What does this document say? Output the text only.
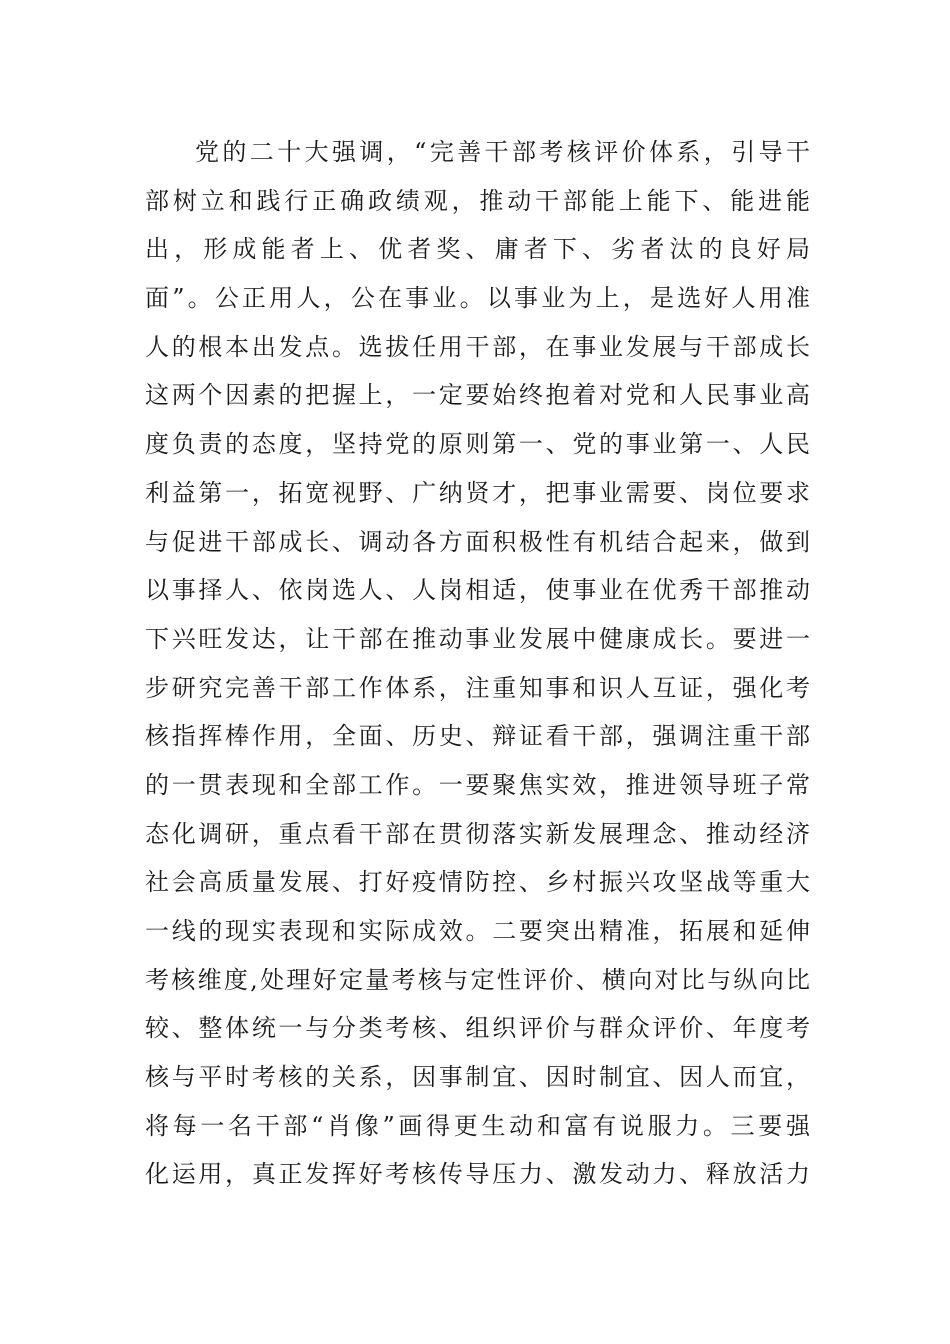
党的二十大强调，“完善干部考核评价体系，引导干
部树立和践行正确政绩观，推动干部能上能下、能进能
出，形成能者上、优者奖、庸者下、劣者汰的良好局
面”。公正用人，公在事业。以事业为上，是选好人用准
人的根本出发点。选拔任用干部，在事业发展与干部成长
这两个因素的把握上，一定要始终抱着对党和人民事业高
度负责的态度，坚持党的原则第一、党的事业第一、人民
利益第一，拓宽视野、广纳贤才，把事业需要、岗位要求
与促进干部成长、调动各方面积极性有机结合起来，做到
以事择人、依岗选人、人岗相适，使事业在优秀干部推动
下兴旺发达，让干部在推动事业发展中健康成长。要进一
步研究完善干部工作体系，注重知事和识人互证，强化考
核指挥棒作用，全面、历史、辩证看干部，强调注重干部
的一贯表现和全部工作。一要聚焦实效，推进领导班子常
态化调研，重点看干部在贯彻落实新发展理念、推动经济
社会高质量发展、打好疫情防控、乡村振兴攻坚战等重大
一线的现实表现和实际成效。二要突出精准，拓展和延伸
考核维度,处理好定量考核与定性评价、横向对比与纵向比
较、整体统一与分类考核、组织评价与群众评价、年度考
核与平时考核的关系，因事制宜、因时制宜、因人而宜，
将每一名干部“肖像”画得更生动和富有说服力。三要强
化运用，真正发挥好考核传导压力、激发动力、释放活力
